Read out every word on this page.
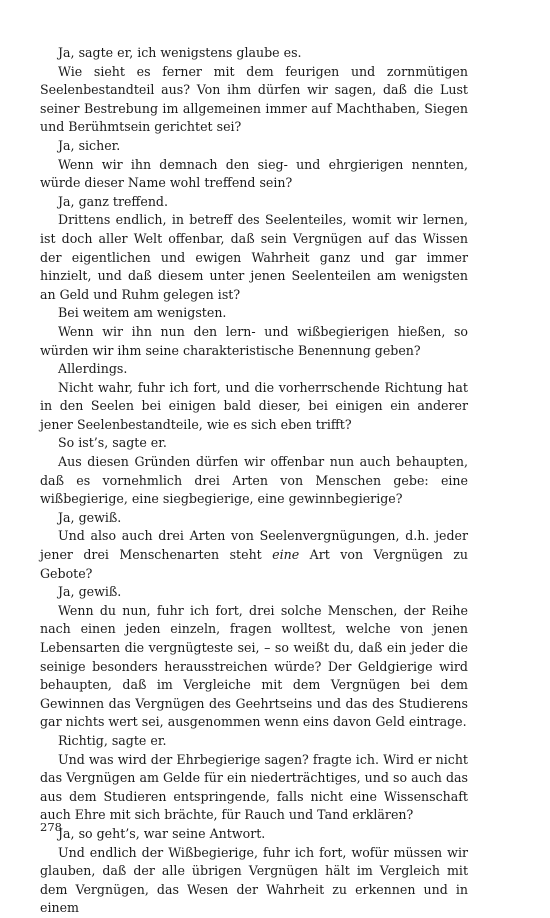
Ja, sagte er, ich wenigstens glaube es.

Wie sieht es ferner mit dem feurigen und zornmütigen Seelenbestandteil aus? Von ihm dürfen wir sagen, daß die Lust seiner Bestrebung im allgemeinen immer auf Machthaben, Siegen und Berühmtsein gerichtet sei?

Ja, sicher.

Wenn wir ihn demnach den sieg- und ehrgierigen nennten, würde dieser Name wohl treffend sein?

Ja, ganz treffend.

Drittens endlich, in betreff des Seelenteiles, womit wir lernen, ist doch aller Welt offenbar, daß sein Vergnügen auf das Wissen der eigentlichen und ewigen Wahrheit ganz und gar immer hinzielt, und daß diesem unter jenen Seelenteilen am wenigsten an Geld und Ruhm gelegen ist?

Bei weitem am wenigsten.

Wenn wir ihn nun den lern- und wißbegierigen hießen, so würden wir ihm seine charakteristische Benennung geben?

Allerdings.

Nicht wahr, fuhr ich fort, und die vorherrschende Richtung hat in den Seelen bei einigen bald dieser, bei einigen ein anderer jener Seelenbestandteile, wie es sich eben trifft?

So ist’s, sagte er.

Aus diesen Gründen dürfen wir offenbar nun auch behaupten, daß es vornehmlich drei Arten von Menschen gebe: eine wißbegierige, eine siegbegierige, eine gewinnbegierige?

Ja, gewiß.

Und also auch drei Arten von Seelenvergnügungen, d.h. jeder jener drei Menschenarten steht eine Art von Vergnügen zu Gebote?

Ja, gewiß.

Wenn du nun, fuhr ich fort, drei solche Menschen, der Reihe nach einen jeden einzeln, fragen wolltest, welche von jenen Lebensarten die vergnügteste sei, – so weißt du, daß ein jeder die seinige besonders herausstreichen würde? Der Geldgierige wird behaupten, daß im Vergleiche mit dem Vergnügen bei dem Gewinnen das Vergnügen des Geehrtseins und das des Studierens gar nichts wert sei, ausgenommen wenn eins davon Geld eintrage.

Richtig, sagte er.

Und was wird der Ehrbegierige sagen? fragte ich. Wird er nicht das Vergnügen am Gelde für ein niederträchtiges, und so auch das aus dem Studieren entspringende, falls nicht eine Wissenschaft auch Ehre mit sich brächte, für Rauch und Tand erklären?

Ja, so geht’s, war seine Antwort.

Und endlich der Wißbegierige, fuhr ich fort, wofür müssen wir glauben, daß der alle übrigen Vergnügen hält im Vergleich mit dem Vergnügen, das Wesen der Wahrheit zu erkennen und in einem

278
